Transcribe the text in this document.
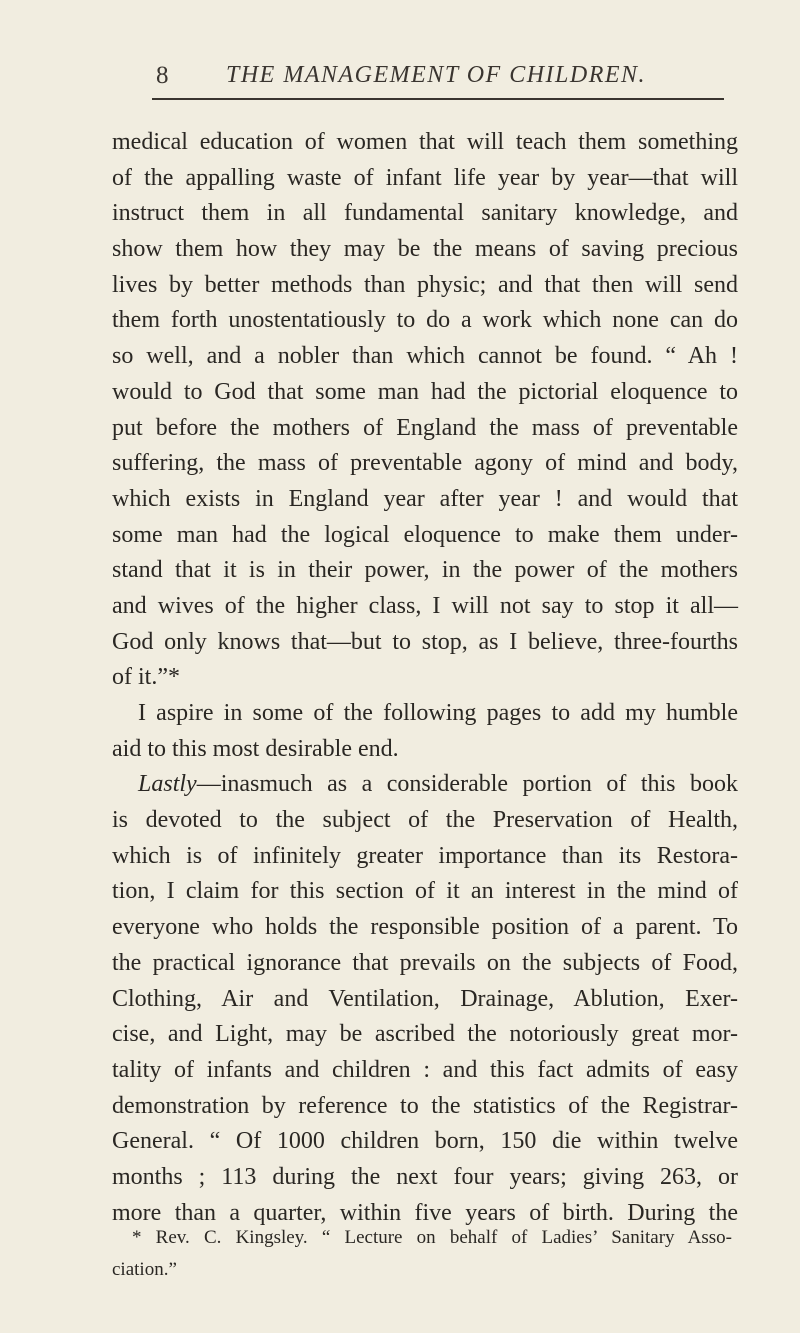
8 THE MANAGEMENT OF CHILDREN.
medical education of women that will teach them something
of the appalling waste of infant life year by year—that will
instruct them in all fundamental sanitary knowledge, and
show them how they may be the means of saving precious
lives by better methods than physic; and that then will send
them forth unostentatiously to do a work which none can do
so well, and a nobler than which cannot be found. “ Ah !
would to God that some man had the pictorial eloquence to
put before the mothers of England the mass of preventable
suffering, the mass of preventable agony of mind and body,
which exists in England year after year ! and would that
some man had the logical eloquence to make them under-
stand that it is in their power, in the power of the mothers
and wives of the higher class, I will not say to stop it all—
God only knows that—but to stop, as I believe, three-fourths
of it.”*
I aspire in some of the following pages to add my humble
aid to this most desirable end.
Lastly—inasmuch as a considerable portion of this book
is devoted to the subject of the Preservation of Health,
which is of infinitely greater importance than its Restora-
tion, I claim for this section of it an interest in the mind of
everyone who holds the responsible position of a parent. To
the practical ignorance that prevails on the subjects of Food,
Clothing, Air and Ventilation, Drainage, Ablution, Exer-
cise, and Light, may be ascribed the notoriously great mor-
tality of infants and children : and this fact admits of easy
demonstration by reference to the statistics of the Registrar-
General. “ Of 1000 children born, 150 die within twelve
months ; 113 during the next four years; giving 263, or
more than a quarter, within five years of birth. During the
* Rev. C. Kingsley. “ Lecture on behalf of Ladies’ Sanitary Asso-
ciation.”
